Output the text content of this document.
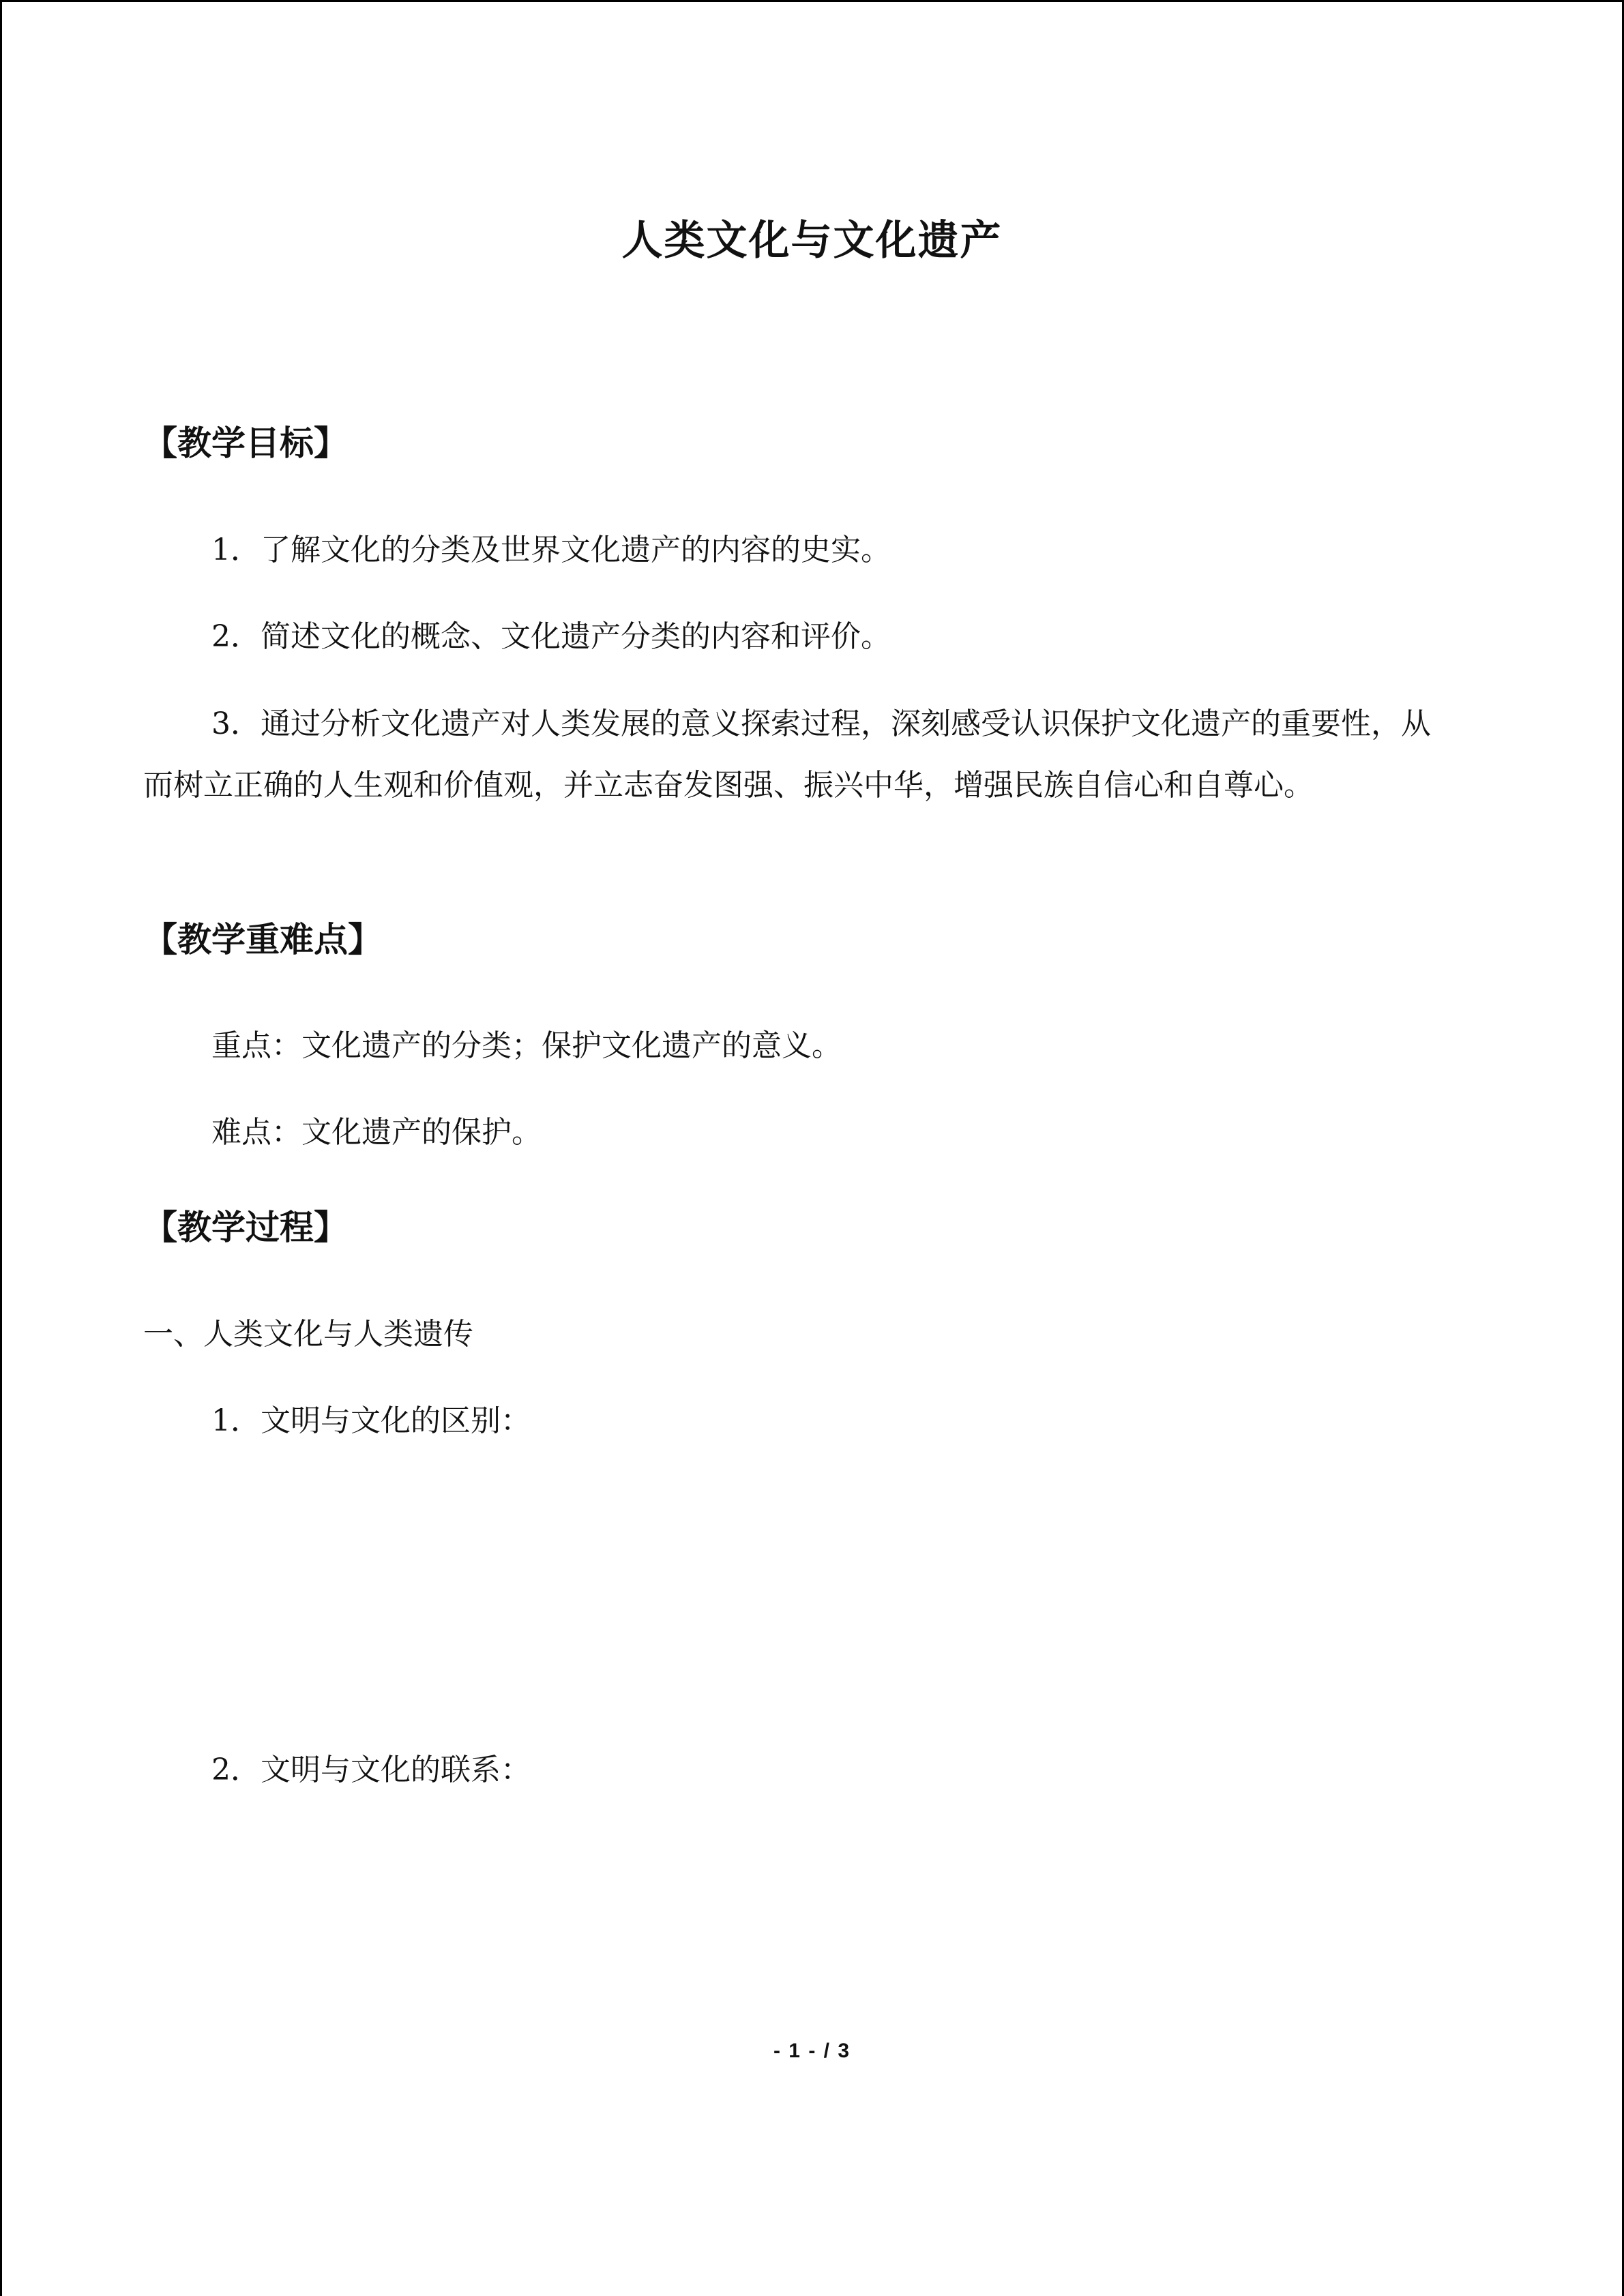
人类文化与文化遗产
【教学目标】
1．了解文化的分类及世界文化遗产的内容的史实。
2．简述文化的概念、文化遗产分类的内容和评价。
3．通过分析文化遗产对人类发展的意义探索过程，深刻感受认识保护文化遗产的重要性，从而树立正确的人生观和价值观，并立志奋发图强、振兴中华，增强民族自信心和自尊心。
【教学重难点】
重点：文化遗产的分类；保护文化遗产的意义。
难点：文化遗产的保护。
【教学过程】
一、人类文化与人类遗传
1．文明与文化的区别：
2．文明与文化的联系：
- 1 - / 3
